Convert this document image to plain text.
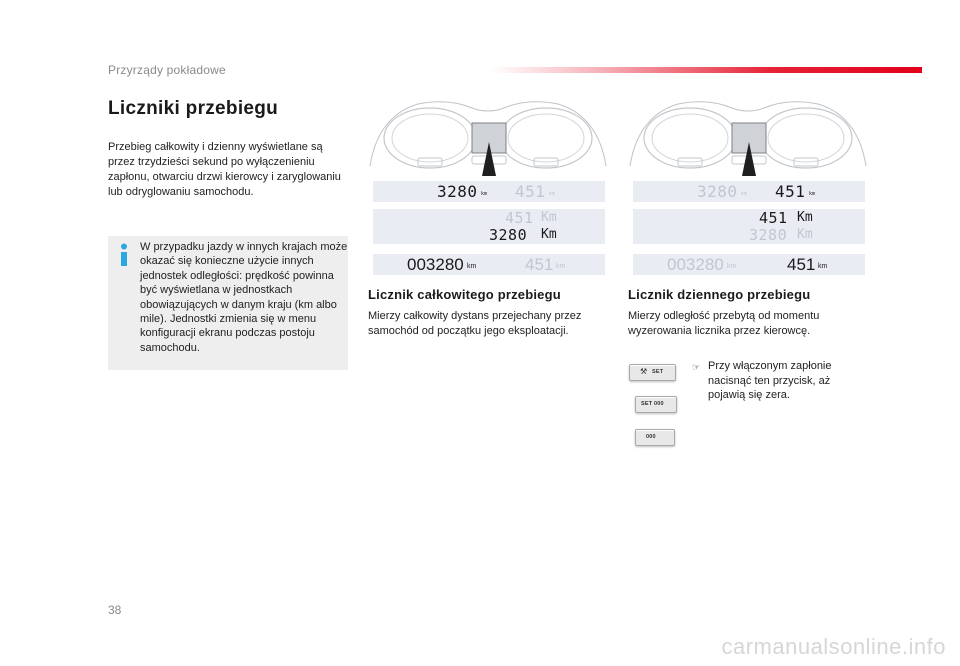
Przyrządy pokładowe
Liczniki przebiegu
Przebieg całkowity i dzienny wyświetlane są przez trzydzieści sekund po wyłączenieniu zapłonu, otwarciu drzwi kierowcy i zaryglowaniu lub odryglowaniu samochodu.
W przypadku jazdy w innych krajach może okazać się konieczne użycie innych jednostek odległości: prędkość powinna być wyświetlana w jednostkach obowiązujących w danym kraju (km albo mile). Jednostki zmienia się w menu konfiguracji ekranu podczas postoju samochodu.
3280 km 451 km
451 Km
3280 Km
003280 km	451 km
Licznik całkowitego przebiegu
Mierzy całkowity dystans przejechany przez samochód od początku jego eksploatacji.
3280 km 451 km
451 Km
3280 Km
003280 km	451 km
Licznik dziennego przebiegu
Mierzy odległość przebytą od momentu wyzerowania licznika przez kierowcę.
⚒ SET
SET 000
000
☞ Przy włączonym zapłonie nacisnąć ten przycisk, aż pojawią się zera.
38
carmanualsonline.info
